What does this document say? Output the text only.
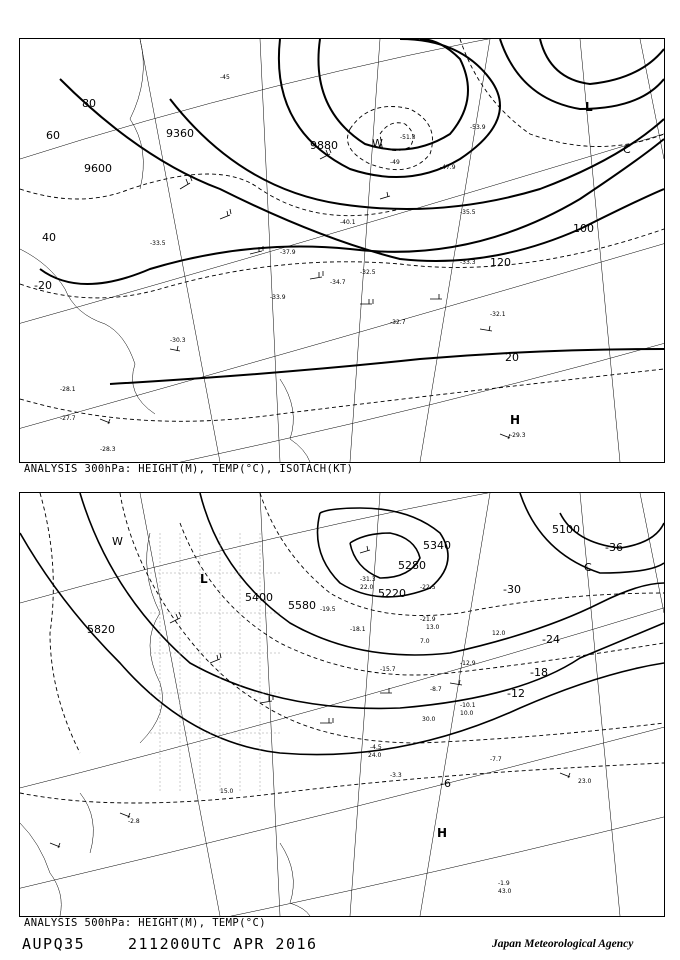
9600
9360
9880
80
60
40
20
100
120
-20
L
H
C
W
-33.5
-32.5
-33.9
-35.5
-33.3
-32.1
-29.3
-45
-49
-53.9
-51.3
-47.9
-40.1
-37.9
-34.7
-32.7
-30.3
-28.1
-27.7
-28.3
ANALYSIS 300hPa: HEIGHT(M), TEMP(°C), ISOTACH(KT)
5820
5580
5340
5220
5400
5280
5100
-24
-18
-12
-6
-30
-36
L
H
C
W
-31.3
-22.5
-21.9
-19.5
-18.1
-15.7
-12.9
-10.1
-8.7
-7.7
-4.5
-3.3
-2.8
-1.9
22.0
24.0
30.0
12.0
13.0
7.0
43.0
23.0
15.0
10.0
ANALYSIS 500hPa: HEIGHT(M), TEMP(°C)
AUPQ35	211200UTC APR 2016	Japan Meteorological Agency
